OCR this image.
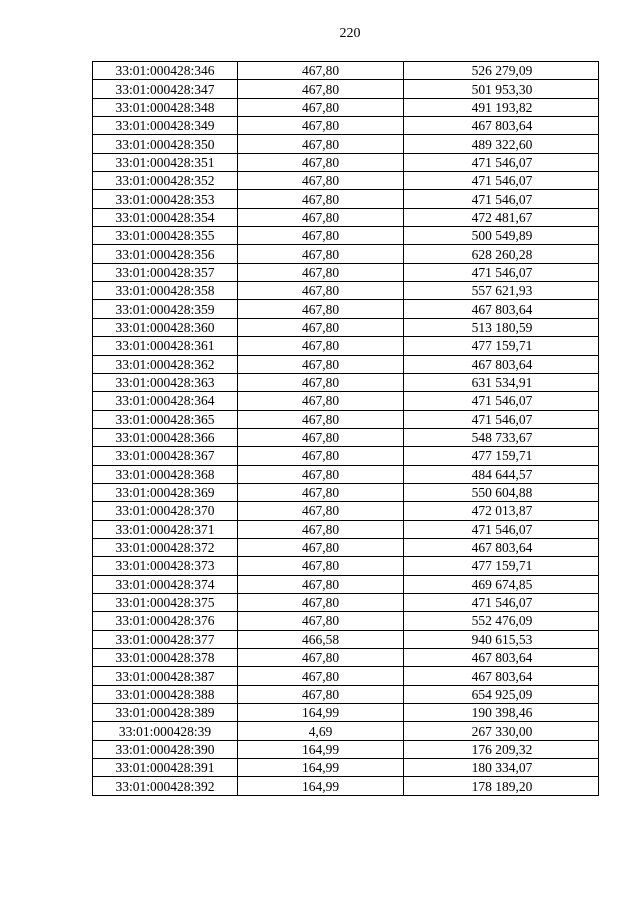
220
33:01:000428:346	467,80	526 279,09
33:01:000428:347	467,80	501 953,30
33:01:000428:348	467,80	491 193,82
33:01:000428:349	467,80	467 803,64
33:01:000428:350	467,80	489 322,60
33:01:000428:351	467,80	471 546,07
33:01:000428:352	467,80	471 546,07
33:01:000428:353	467,80	471 546,07
33:01:000428:354	467,80	472 481,67
33:01:000428:355	467,80	500 549,89
33:01:000428:356	467,80	628 260,28
33:01:000428:357	467,80	471 546,07
33:01:000428:358	467,80	557 621,93
33:01:000428:359	467,80	467 803,64
33:01:000428:360	467,80	513 180,59
33:01:000428:361	467,80	477 159,71
33:01:000428:362	467,80	467 803,64
33:01:000428:363	467,80	631 534,91
33:01:000428:364	467,80	471 546,07
33:01:000428:365	467,80	471 546,07
33:01:000428:366	467,80	548 733,67
33:01:000428:367	467,80	477 159,71
33:01:000428:368	467,80	484 644,57
33:01:000428:369	467,80	550 604,88
33:01:000428:370	467,80	472 013,87
33:01:000428:371	467,80	471 546,07
33:01:000428:372	467,80	467 803,64
33:01:000428:373	467,80	477 159,71
33:01:000428:374	467,80	469 674,85
33:01:000428:375	467,80	471 546,07
33:01:000428:376	467,80	552 476,09
33:01:000428:377	466,58	940 615,53
33:01:000428:378	467,80	467 803,64
33:01:000428:387	467,80	467 803,64
33:01:000428:388	467,80	654 925,09
33:01:000428:389	164,99	190 398,46
33:01:000428:39	4,69	267 330,00
33:01:000428:390	164,99	176 209,32
33:01:000428:391	164,99	180 334,07
33:01:000428:392	164,99	178 189,20
